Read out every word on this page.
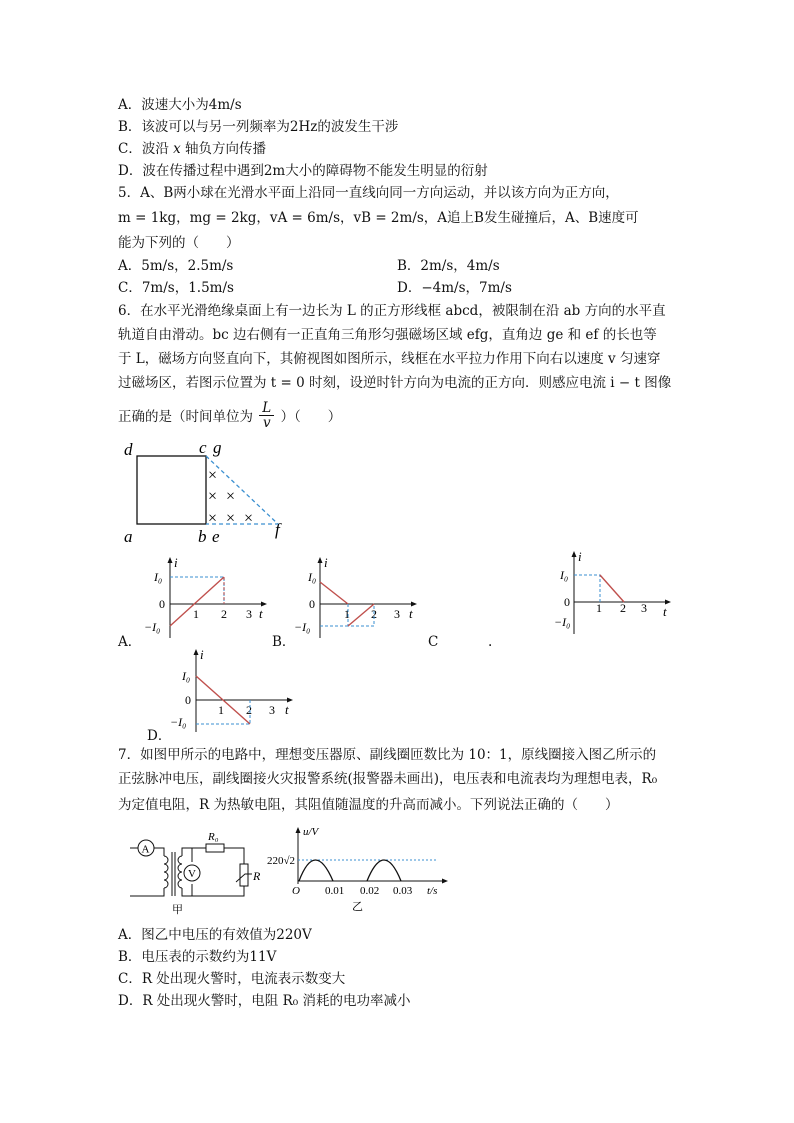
A．波速大小为4m/s
B．该波可以与另一列频率为2Hz的波发生干涉
C．波沿 x 轴负方向传播
D．波在传播过程中遇到2m大小的障碍物不能发生明显的衍射
5．A、B两小球在光滑水平面上沿同一直线向同一方向运动，并以该方向为正方向，
m = 1kg，mg = 2kg，vA = 6m/s，vB = 2m/s，A追上B发生碰撞后，A、B速度可
能为下列的（　　）
A．5m/s，2.5m/s	B．2m/s，4m/s
C．7m/s，1.5m/s	D．−4m/s，7m/s
6．在水平光滑绝缘桌面上有一边长为 L 的正方形线框 abcd，被限制在沿 ab 方向的水平直
轨道自由滑动。bc 边右侧有一正直角三角形匀强磁场区域 efg，直角边 ge 和 ef 的长也等
于 L，磁场方向竖直向下，其俯视图如图所示，线框在水平拉力作用下向右以速度 v 匀速穿
过磁场区，若图示位置为 t = 0 时刻，设逆时针方向为电流的正方向．则感应电流 i − t 图像
正确的是（时间单位为 $\frac{L}{v}$ ）（　　）
d	c g
a	b e	f
×
× ×
× × ×
A．
i
t
I₀
0
−I₀
1 2 3
B．
i
t
I₀
0
−I₀
1 2 3
C	.
i
t
I₀
0
−I₀
1 2 3
D．
i
t
I₀
0
−I₀
1 2 3
7．如图甲所示的电路中，理想变压器原、副线圈匝数比为 10：1，原线圈接入图乙所示的
正弦脉冲电压，副线圈接火灾报警系统(报警器未画出)，电压表和电流表均为理想电表，R₀
为定值电阻，R 为热敏电阻，其阻值随温度的升高而减小。下列说法正确的（　　）
A
R₀
R
V
甲
u/V
220√2
O 0.01 0.02 0.03 t/s
乙
A．图乙中电压的有效值为220V
B．电压表的示数约为11V
C．R 处出现火警时，电流表示数变大
D．R 处出现火警时，电阻 R₀ 消耗的电功率减小
